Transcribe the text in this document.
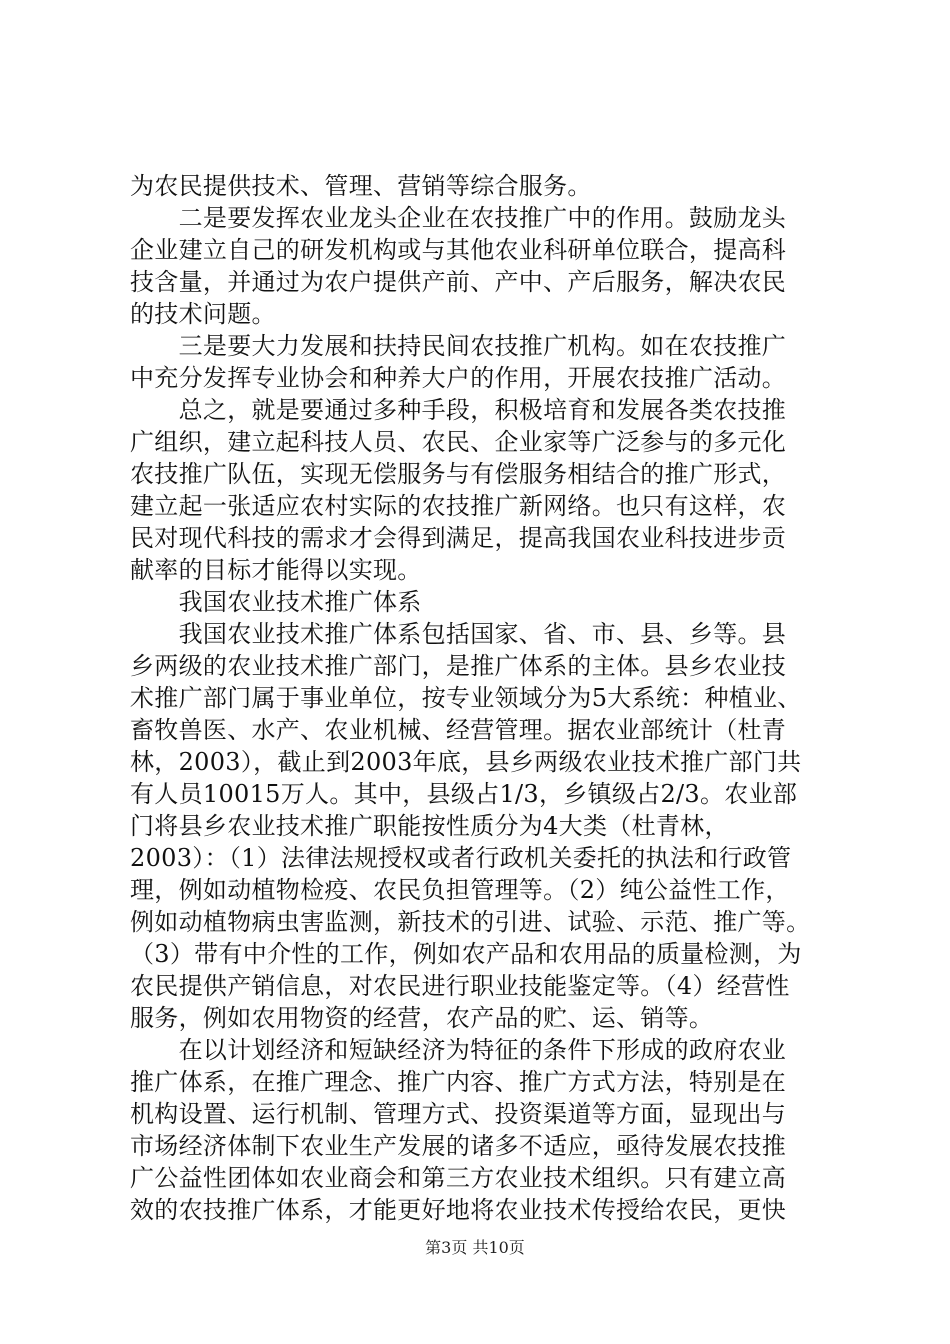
为农民提供技术、管理、营销等综合服务。
　　二是要发挥农业龙头企业在农技推广中的作用。鼓励龙头
企业建立自己的研发机构或与其他农业科研单位联合，提高科
技含量，并通过为农户提供产前、产中、产后服务，解决农民
的技术问题。
　　三是要大力发展和扶持民间农技推广机构。如在农技推广
中充分发挥专业协会和种养大户的作用，开展农技推广活动。
　　总之，就是要通过多种手段，积极培育和发展各类农技推
广组织，建立起科技人员、农民、企业家等广泛参与的多元化
农技推广队伍，实现无偿服务与有偿服务相结合的推广形式，
建立起一张适应农村实际的农技推广新网络。也只有这样，农
民对现代科技的需求才会得到满足，提高我国农业科技进步贡
献率的目标才能得以实现。
　　我国农业技术推广体系
　　我国农业技术推广体系包括国家、省、市、县、乡等。县
乡两级的农业技术推广部门，是推广体系的主体。县乡农业技
术推广部门属于事业单位，按专业领域分为5大系统：种植业、
畜牧兽医、水产、农业机械、经营管理。据农业部统计（杜青
林，2003），截止到2003年底，县乡两级农业技术推广部门共
有人员10015万人。其中，县级占1/3，乡镇级占2/3。农业部
门将县乡农业技术推广职能按性质分为4大类（杜青林，
2003）：（1）法律法规授权或者行政机关委托的执法和行政管
理，例如动植物检疫、农民负担管理等。（2）纯公益性工作，
例如动植物病虫害监测，新技术的引进、试验、示范、推广等。
（3）带有中介性的工作，例如农产品和农用品的质量检测，为
农民提供产销信息，对农民进行职业技能鉴定等。（4）经营性
服务，例如农用物资的经营，农产品的贮、运、销等。
　　在以计划经济和短缺经济为特征的条件下形成的政府农业
推广体系，在推广理念、推广内容、推广方式方法，特别是在
机构设置、运行机制、管理方式、投资渠道等方面，显现出与
市场经济体制下农业生产发展的诸多不适应，亟待发展农技推
广公益性团体如农业商会和第三方农业技术组织。只有建立高
效的农技推广体系，才能更好地将农业技术传授给农民，更快
第3页 共10页
